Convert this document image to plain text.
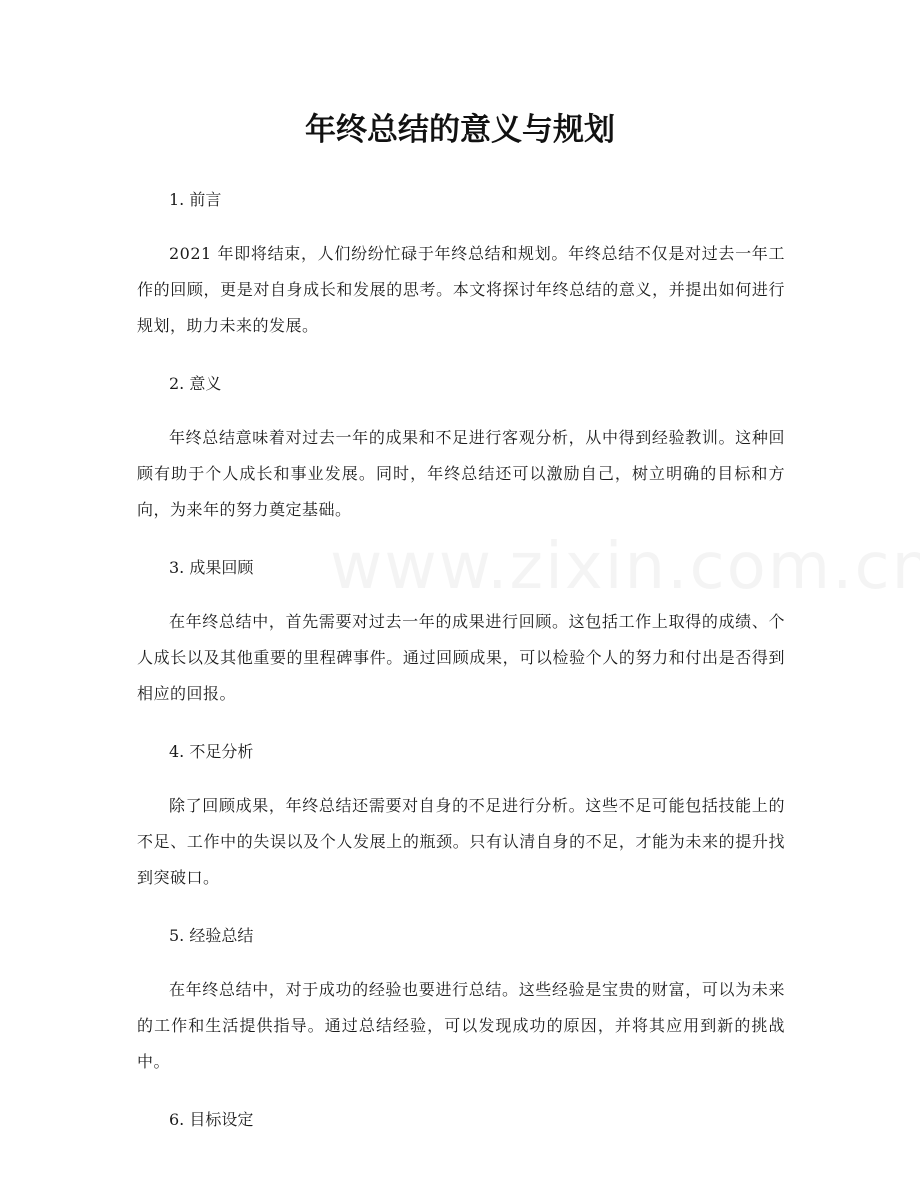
年终总结的意义与规划

1. 前言

2021 年即将结束，人们纷纷忙碌于年终总结和规划。年终总结不仅是对过去一年工作的回顾，更是对自身成长和发展的思考。本文将探讨年终总结的意义，并提出如何进行规划，助力未来的发展。

2. 意义

年终总结意味着对过去一年的成果和不足进行客观分析，从中得到经验教训。这种回顾有助于个人成长和事业发展。同时，年终总结还可以激励自己，树立明确的目标和方向，为来年的努力奠定基础。

3. 成果回顾

在年终总结中，首先需要对过去一年的成果进行回顾。这包括工作上取得的成绩、个人成长以及其他重要的里程碑事件。通过回顾成果，可以检验个人的努力和付出是否得到相应的回报。

4. 不足分析

除了回顾成果，年终总结还需要对自身的不足进行分析。这些不足可能包括技能上的不足、工作中的失误以及个人发展上的瓶颈。只有认清自身的不足，才能为未来的提升找到突破口。

5. 经验总结

在年终总结中，对于成功的经验也要进行总结。这些经验是宝贵的财富，可以为未来的工作和生活提供指导。通过总结经验，可以发现成功的原因，并将其应用到新的挑战中。

6. 目标设定
